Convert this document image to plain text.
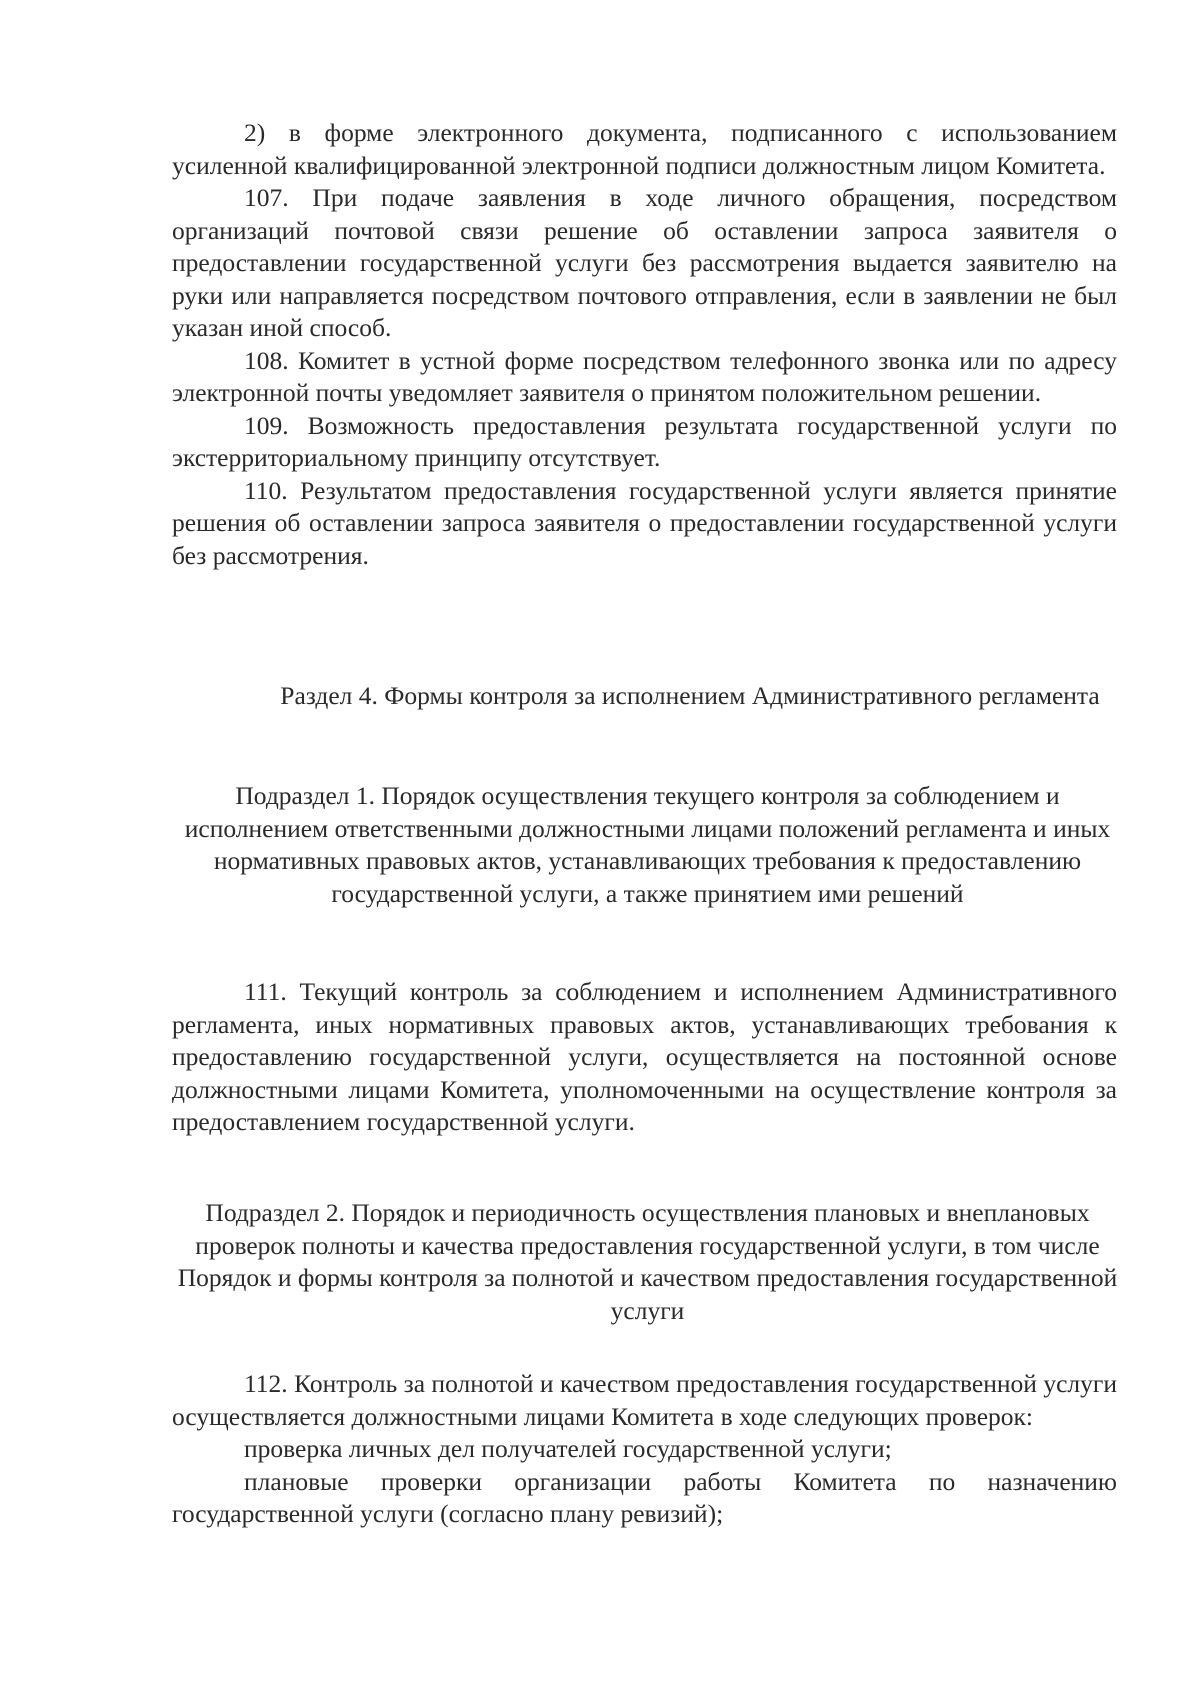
2) в форме электронного документа, подписанного с использованием усиленной квалифицированной электронной подписи должностным лицом Комитета.

107. При подаче заявления в ходе личного обращения, посредством организаций почтовой связи решение об оставлении запроса заявителя о предоставлении государственной услуги без рассмотрения выдается заявителю на руки или направляется посредством почтового отправления, если в заявлении не был указан иной способ.

108. Комитет в устной форме посредством телефонного звонка или по адресу электронной почты уведомляет заявителя о принятом положительном решении.

109. Возможность предоставления результата государственной услуги по экстерриториальному принципу отсутствует.

110. Результатом предоставления государственной услуги является принятие решения об оставлении запроса заявителя о предоставлении государственной услуги без рассмотрения.

Раздел 4. Формы контроля за исполнением Административного регламента

Подраздел 1. Порядок осуществления текущего контроля за соблюдением и исполнением ответственными должностными лицами положений регламента и иных нормативных правовых актов, устанавливающих требования к предоставлению государственной услуги, а также принятием ими решений

111. Текущий контроль за соблюдением и исполнением Административного регламента, иных нормативных правовых актов, устанавливающих требования к предоставлению государственной услуги, осуществляется на постоянной основе должностными лицами Комитета, уполномоченными на осуществление контроля за предоставлением государственной услуги.

Подраздел 2. Порядок и периодичность осуществления плановых и внеплановых проверок полноты и качества предоставления государственной услуги, в том числе Порядок и формы контроля за полнотой и качеством предоставления государственной услуги

112. Контроль за полнотой и качеством предоставления государственной услуги осуществляется должностными лицами Комитета в ходе следующих проверок:

проверка личных дел получателей государственной услуги;

плановые проверки организации работы Комитета по назначению государственной услуги (согласно плану ревизий);
